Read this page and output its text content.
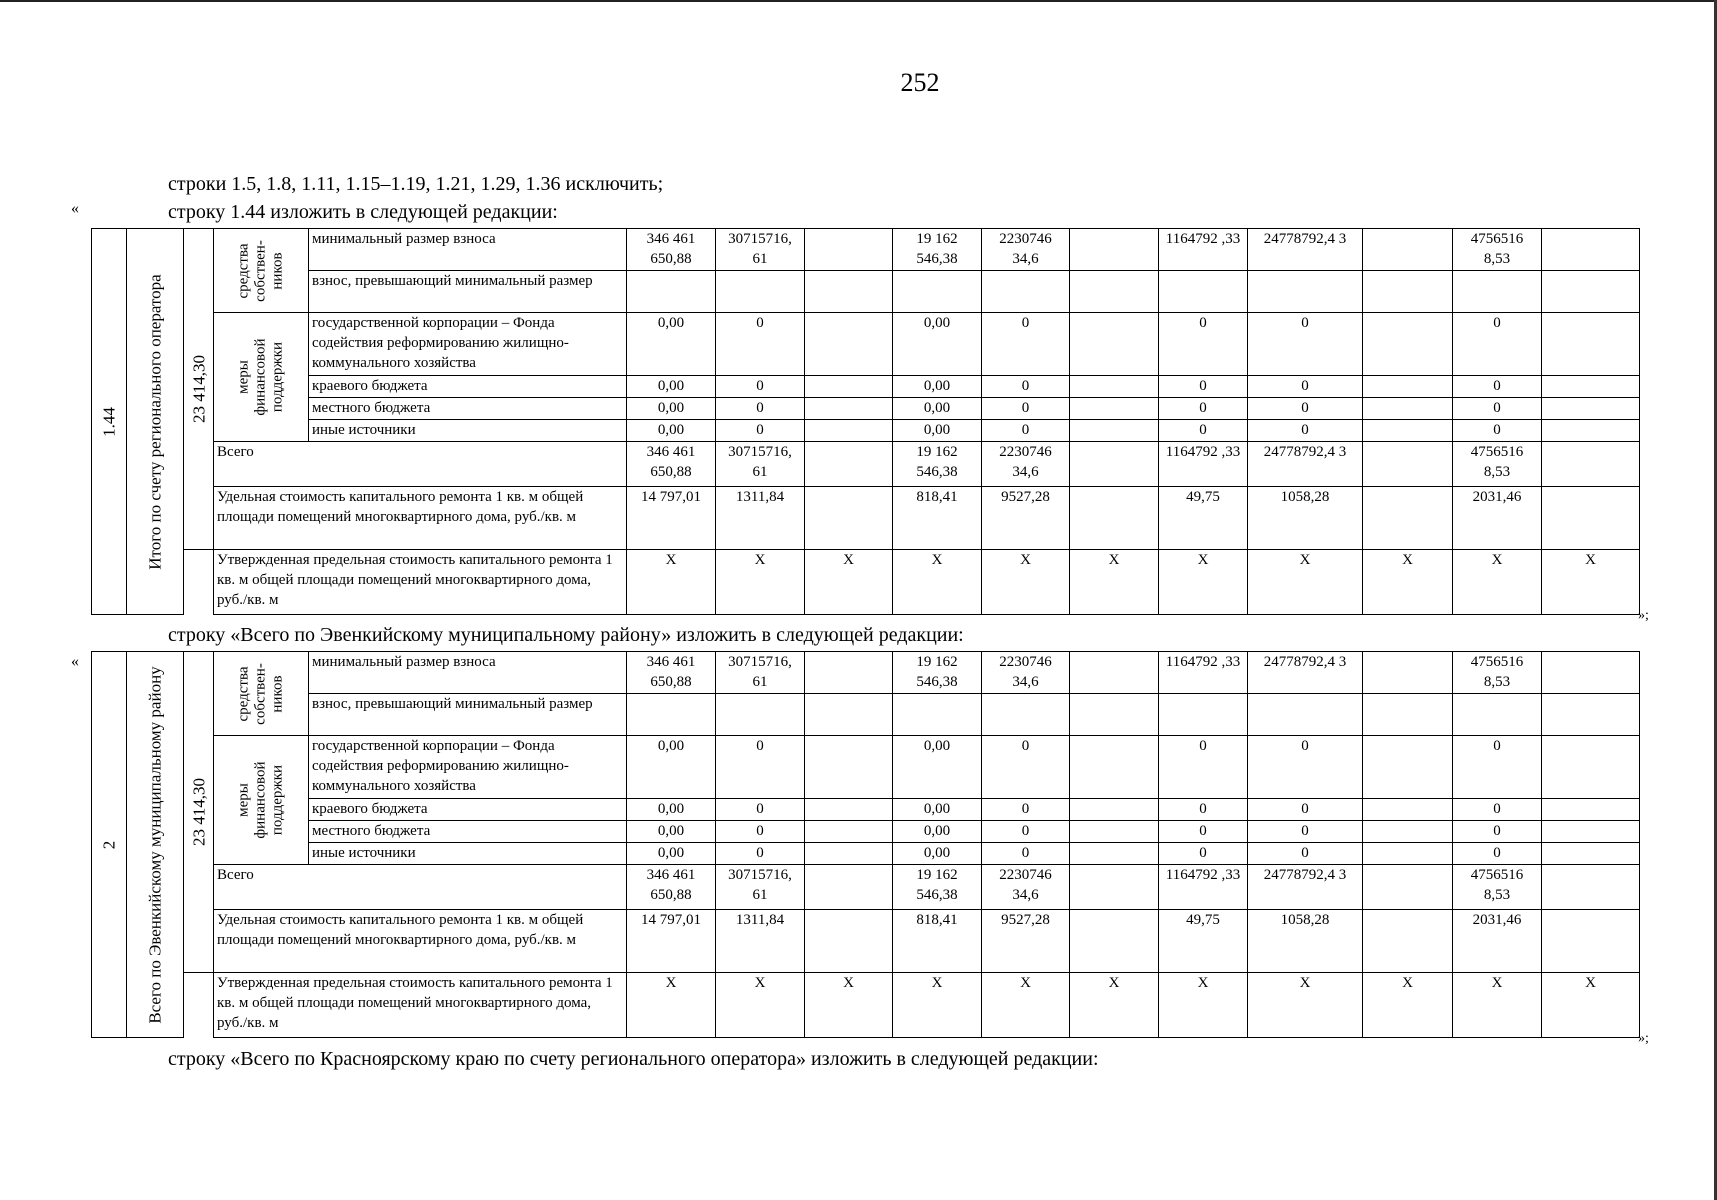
252
строки 1.5, 1.8, 1.11, 1.15–1.19, 1.21, 1.29, 1.36 исключить;
строку 1.44 изложить в следующей редакции:
«
1.44	Итого по счету регионального оператора	23 414,30	средства собствен- ников	минимальный размер взноса	346 461 650,88	30715716, 61		19 162 546,38	2230746 34,6		1164792 ,33	24778792,4 3		4756516 8,53	
				взнос, превышающий минимальный размер											

			меры финансовой поддержки	государственной корпорации – Фонда содействия реформированию жилищно-коммунального хозяйства	0,00	0		0,00	0		0	0		0	
				краевого бюджета	0,00	0		0,00	0		0	0		0	
				местного бюджета	0,00	0		0,00	0		0	0		0	
				иные источники	0,00	0		0,00	0		0	0		0	
			Всего		346 461 650,88	30715716, 61		19 162 546,38	2230746 34,6		1164792 ,33	24778792,4 3		4756516 8,53	
			Удельная стоимость капитального ремонта 1 кв. м общей площади помещений многоквартирного дома, руб./кв. м		14 797,01	1311,84		818,41	9527,28		49,75	1058,28		2031,46	
			Утвержденная предельная стоимость капитального ремонта 1 кв. м общей площади помещений многоквартирного дома, руб./кв. м		X	X	X	X	X	X	X	X	X	X	X
»;
строку «Всего по Эвенкийскому муниципальному району» изложить в следующей редакции:
«
2	Всего по Эвенкийскому муниципальному району	23 414,30	средства собствен- ников	минимальный размер взноса	346 461 650,88	30715716, 61		19 162 546,38	2230746 34,6		1164792 ,33	24778792,4 3		4756516 8,53	
				взнос, превышающий минимальный размер											

			меры финансовой поддержки	государственной корпорации – Фонда содействия реформированию жилищно-коммунального хозяйства	0,00	0		0,00	0		0	0		0	
				краевого бюджета	0,00	0		0,00	0		0	0		0	
				местного бюджета	0,00	0		0,00	0		0	0		0	
				иные источники	0,00	0		0,00	0		0	0		0	
			Всего		346 461 650,88	30715716, 61		19 162 546,38	2230746 34,6		1164792 ,33	24778792,4 3		4756516 8,53	
			Удельная стоимость капитального ремонта 1 кв. м общей площади помещений многоквартирного дома, руб./кв. м		14 797,01	1311,84		818,41	9527,28		49,75	1058,28		2031,46	
			Утвержденная предельная стоимость капитального ремонта 1 кв. м общей площади помещений многоквартирного дома, руб./кв. м		X	X	X	X	X	X	X	X	X	X	X
»;
строку «Всего по Красноярскому краю по счету регионального оператора» изложить в следующей редакции:
